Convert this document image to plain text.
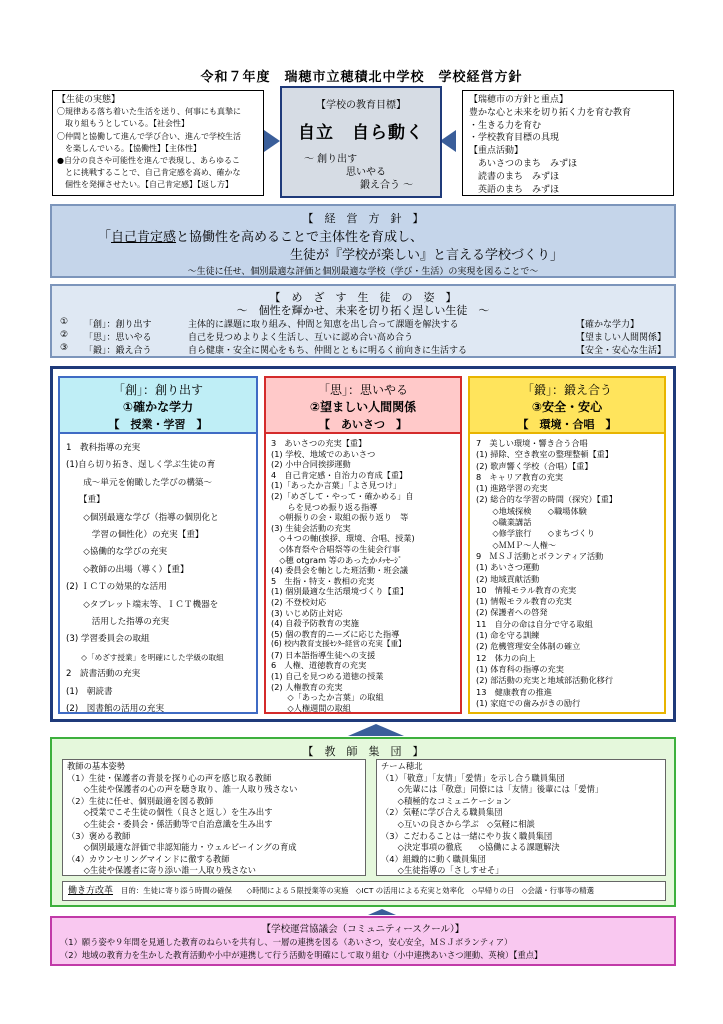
令和７年度　瑞穂市立穂積北中学校　学校経営方針
【生徒の実態】
〇規律ある落ち着いた生活を送り、何事にも真摯に
　取り組もうとしている。【社会性】
〇仲間と協働して進んで学び合い、進んで学校生活
　を楽しんでいる。【協働性】【主体性】
●自分の良さや可能性を進んで表現し、あらゆるこ
　とに挑戦することで、自己肯定感を高め、確かな
　個性を発揮させたい。【自己肯定感】【返し方】
【学校の教育目標】
自立　自ら動く
～ 創り出す
思いやる
鍛え合う ～
【瑞穂市の方針と重点】
豊かな心と未来を切り拓く力を育む教育
・生きる力を育む
・学校教育目標の具現
【重点活動】
　あいさつのまち　みずほ
　読書のまち　みずほ
　英語のまち　みずほ
【　経　営　方　針　】
「自己肯定感と協働性を高めることで主体性を育成し、
生徒が『学校が楽しい』と言える学校づくり」
～生徒に任せ、個別最適な評価と個別最適な学校（学び・生活）の実現を図ることで～
【　め　ざ　す　生　徒　の　姿　】
～　個性を輝かせ、未来を切り拓く逞しい生徒　～
① 「創」：創り出す	主体的に課題に取り組み、仲間と知恵を出し合って課題を解決する	【確かな学力】
② 「思」：思いやる	自己を見つめよりよく生活し、互いに認め合い高め合う	【望ましい人間関係】
③ 「鍛」：鍛え合う	自ら健康・安全に関心をもち、仲間とともに明るく前向きに生活する	【安全・安心な生活】
「創」：創り出す
①確かな学力
【　授業・学習　】
1　教科指導の充実
(1)自ら切り拓き、逞しく学ぶ生徒の育
　　成～単元を俯瞰した学びの構築～
　　【重】
　　◇個別最適な学び（指導の個別化と
　　　学習の個性化）の充実【重】
　　◇協働的な学びの充実
　　◇教師の出場（導く）【重】
(2) ＩＣＴの効果的な活用
　　◇タブレット端末等、ＩＣＴ機器を
　　　活用した指導の充実
(3) 学習委員会の取組
　　◇「めざす授業」を明確にした学級の取組
2　読書活動の充実
(1)　朝読書
(2)　図書館の活用の充実
「思」：思いやる
②望ましい人間関係
【　あいさつ　】
3　あいさつの充実【重】
(1) 学校、地域でのあいさつ
(2) 小中合同挨拶運動
4　自己肯定感・自治力の育成【重】
(1)「あったか言葉」「よさ見つけ」
(2)「めざして・やって・確かめる」自
　　らを見つめ振り返る指導
　◇朝振りの会・取組の振り返り　等
(3) 生徒会活動の充実
　◇４つの軸(挨拶、環境、合唱、授業)
　◇体育祭や合唱祭等の生徒会行事
　◇穂 otgram 等のあったかﾒｯｾｰｼﾞ
(4) 委員会を軸とした班活動・班会議
5　生指・特支・教相の充実
(1) 個別最適な生活環境づくり【重】
(2) 不登校対応
(3) いじめ防止対応
(4) 自殺予防教育の実施
(5) 個の教育的ニーズに応じた指導
(6) 校内教育支援ｾﾝﾀｰ経営の充実【重】
(7) 日本語指導生徒への支援
6　人権、道徳教育の充実
(1) 自己を見つめる道徳の授業
(2) 人権教育の充実
　　◇「あったか言葉」の取組
　　◇人権週間の取組
「鍛」：鍛え合う
③安全・安心
【　環境・合唱　】
7　美しい環境・響き合う合唱
(1) 掃除、空き教室の整理整頓【重】
(2) 歌声響く学校（合唱）【重】
8　キャリア教育の充実
(1) 進路学習の充実
(2) 総合的な学習の時間（探究）【重】
　　◇地域探検　　◇職場体験
　　◇職業講話
　　◇修学旅行　　◇まちづくり
　　◇ＭＭＰ～人権～
9　ＭＳＪ活動とボランティア活動
(1) あいさつ運動
(2) 地域貢献活動
10　情報モラル教育の充実
(1) 情報モラル教育の充実
(2) 保護者への啓発
11　自分の命は自分で守る取組
(1) 命を守る訓練
(2) 危機管理安全体制の確立
12　体力の向上
(1) 体育科の指導の充実
(2) 部活動の充実と地域部活動化移行
13　健康教育の推進
(1) 家庭での歯みがきの励行
【　教　師　集　団　】
教師の基本姿勢
（1）生徒・保護者の背景を探り心の声を感じ取る教師
　　◇生徒や保護者の心の声を聴き取り、誰一人取り残さない
（2）生徒に任せ、個別最適を図る教師
　　◇授業でこそ生徒の個性（良さと返し）を生み出す
　　◇生徒会・委員会・係活動等で自治意識を生み出す
（3）褒める教師
　　◇個別最適な評価で非認知能力・ウェルビーイングの育成
（4）カウンセリングマインドに徹する教師
　　◇生徒や保護者に寄り添い誰一人取り残さない
チーム穂北
（1）「敬意」「友情」「愛情」を示し合う職員集団
　　◇先輩には「敬意」同僚には「友情」後輩には「愛情」
　　◇積極的なコミュニケーション
（2）気軽に学び合える職員集団
　　◇互いの良さから学ぶ　◇気軽に相談
（3）こだわることは一緒にやり抜く職員集団
　　◇決定事項の徹底　　◇協働による課題解決
（4）組織的に動く職員集団
　　◇生徒指導の「さしすせそ」
働き方改革 目的：生徒に寄り添う時間の確保　　◇時間による５限授業等の実施　◇ICT の活用による充実と効率化　◇早帰りの日　◇会議・行事等の精選
【学校運営協議会（コミュニティースクール）】
（1）願う姿や９年間を見通した教育のねらいを共有し、一層の連携を図る（あいさつ，安心安全，ＭＳＪボランティア）
（2）地域の教育力を生かした教育活動や小中が連携して行う活動を明確にして取り組む（小中連携あいさつ運動、英検）【重点】
